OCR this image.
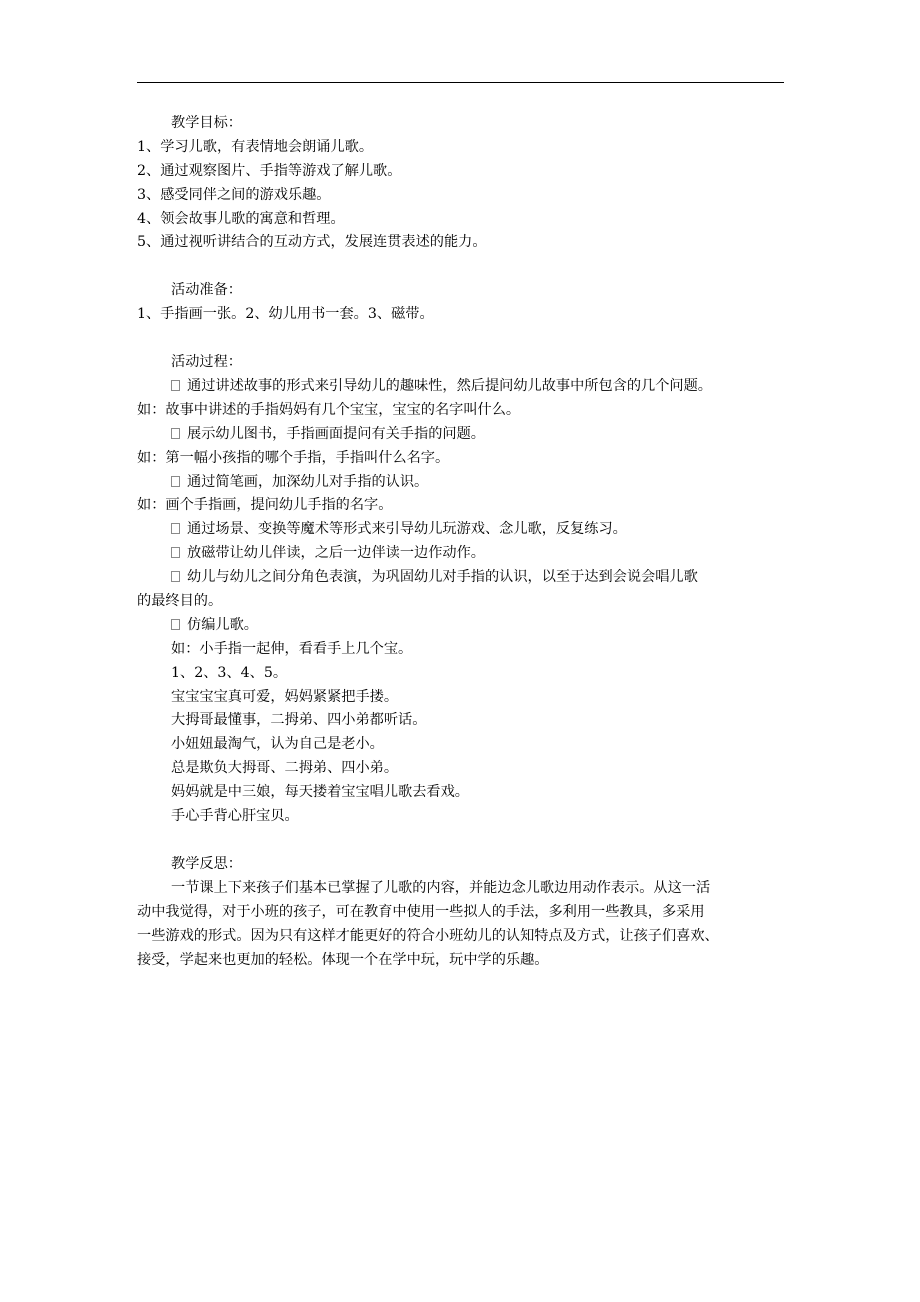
教学目标：
1、学习儿歌，有表情地会朗诵儿歌。
2、通过观察图片、手指等游戏了解儿歌。
3、感受同伴之间的游戏乐趣。
4、领会故事儿歌的寓意和哲理。
5、通过视听讲结合的互动方式，发展连贯表述的能力。
活动准备：
1、手指画一张。2、幼儿用书一套。3、磁带。
活动过程：
通过讲述故事的形式来引导幼儿的趣味性，然后提问幼儿故事中所包含的几个问题。
如：故事中讲述的手指妈妈有几个宝宝，宝宝的名字叫什么。
展示幼儿图书，手指画面提问有关手指的问题。
如：第一幅小孩指的哪个手指，手指叫什么名字。
通过简笔画，加深幼儿对手指的认识。
如：画个手指画，提问幼儿手指的名字。
通过场景、变换等魔术等形式来引导幼儿玩游戏、念儿歌，反复练习。
放磁带让幼儿伴读，之后一边伴读一边作动作。
幼儿与幼儿之间分角色表演，为巩固幼儿对手指的认识，以至于达到会说会唱儿歌
的最终目的。
仿编儿歌。
如：小手指一起伸，看看手上几个宝。
1、2、3、4、5。
宝宝宝宝真可爱，妈妈紧紧把手搂。
大拇哥最懂事，二拇弟、四小弟都听话。
小妞妞最淘气，认为自己是老小。
总是欺负大拇哥、二拇弟、四小弟。
妈妈就是中三娘，每天搂着宝宝唱儿歌去看戏。
手心手背心肝宝贝。
教学反思：
一节课上下来孩子们基本已掌握了儿歌的内容，并能边念儿歌边用动作表示。从这一活
动中我觉得，对于小班的孩子，可在教育中使用一些拟人的手法，多利用一些教具，多采用
一些游戏的形式。因为只有这样才能更好的符合小班幼儿的认知特点及方式，让孩子们喜欢、
接受，学起来也更加的轻松。体现一个在学中玩，玩中学的乐趣。
